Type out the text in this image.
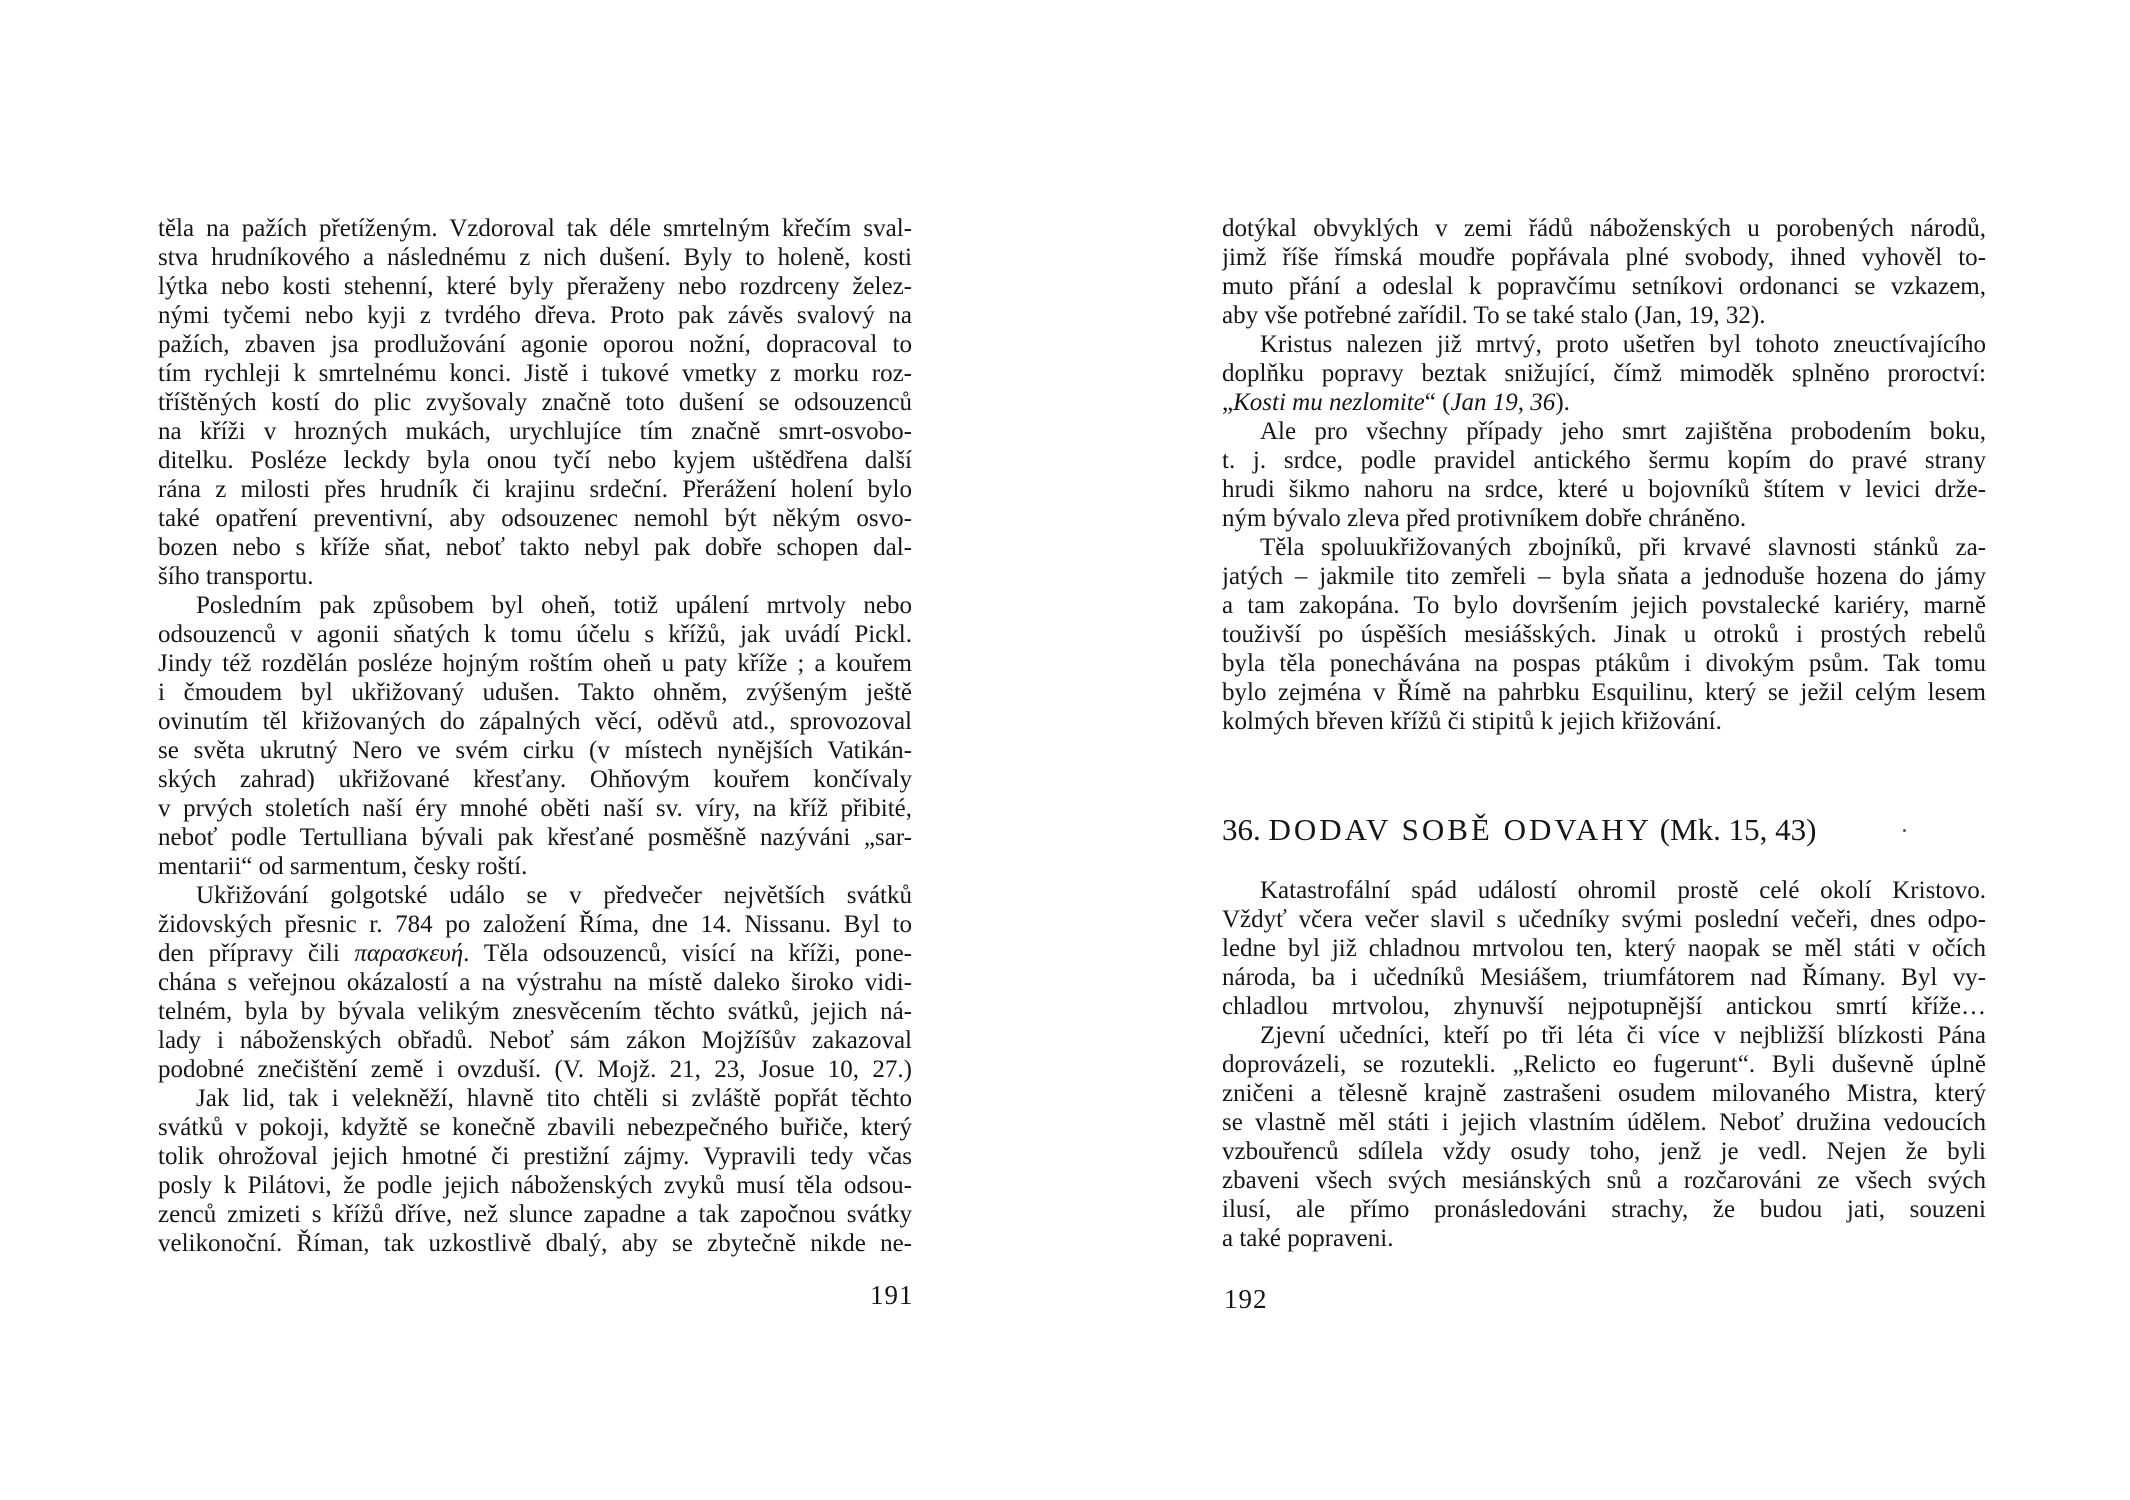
těla na pažích přetíženým. Vzdoroval tak déle smrtelným křečím sval-
stva hrudníkového a následnému z nich dušení. Byly to holeně, kosti
lýtka nebo kosti stehenní, které byly přeraženy nebo rozdrceny želez-
nými tyčemi nebo kyji z tvrdého dřeva. Proto pak závěs svalový na
pažích, zbaven jsa prodlužování agonie oporou nožní, dopracoval to
tím rychleji k smrtelnému konci. Jistě i tukové vmetky z morku roz-
tříštěných kostí do plic zvyšovaly značně toto dušení se odsouzenců
na kříži v hrozných mukách, urychlujíce tím značně smrt-osvobo-
ditelku. Posléze leckdy byla onou tyčí nebo kyjem uštědřena další
rána z milosti přes hrudník či krajinu srdeční. Přerážení holení bylo
také opatření preventivní, aby odsouzenec nemohl být někým osvo-
bozen nebo s kříže sňat, neboť takto nebyl pak dobře schopen dal-
šího transportu.
Posledním pak způsobem byl oheň, totiž upálení mrtvoly nebo
odsouzenců v agonii sňatých k tomu účelu s křížů, jak uvádí Pickl.
Jindy též rozdělán posléze hojným roštím oheň u paty kříže ; a kouřem
i čmoudem byl ukřižovaný udušen. Takto ohněm, zvýšeným ještě
ovinutím těl křižovaných do zápalných věcí, oděvů atd., sprovozoval
se světa ukrutný Nero ve svém cirku (v místech nynějších Vatikán-
ských zahrad) ukřižované křesťany. Ohňovým kouřem končívaly
v prvých stoletích naší éry mnohé oběti naší sv. víry, na kříž přibité,
neboť podle Tertulliana bývali pak křesťané posměšně nazýváni „sar-
mentarii“ od sarmentum, česky roští.
Ukřižování golgotské událo se v předvečer největších svátků
židovských přesnic r. 784 po založení Říma, dne 14. Nissanu. Byl to
den přípravy čili παρασκευή. Těla odsouzenců, visící na kříži, pone-
chána s veřejnou okázalostí a na výstrahu na místě daleko široko vidi-
telném, byla by bývala velikým znesvěcením těchto svátků, jejich ná-
lady i náboženských obřadů. Neboť sám zákon Mojžíšův zakazoval
podobné znečištění země i ovzduší. (V. Mojž. 21, 23, Josue 10, 27.)
Jak lid, tak i velekněží, hlavně tito chtěli si zvláště popřát těchto
svátků v pokoji, kdyžtě se konečně zbavili nebezpečného buřiče, který
tolik ohrožoval jejich hmotné či prestižní zájmy. Vypravili tedy včas
posly k Pilátovi, že podle jejich náboženských zvyků musí těla odsou-
zenců zmizeti s křížů dříve, než slunce zapadne a tak započnou svátky
velikonoční. Říman, tak uzkostlivě dbalý, aby se zbytečně nikde ne-
191
dotýkal obvyklých v zemi řádů náboženských u porobených národů,
jimž říše římská moudře popřávala plné svobody, ihned vyhověl to-
muto přání a odeslal k popravčímu setníkovi ordonanci se vzkazem,
aby vše potřebné zařídil. To se také stalo (Jan, 19, 32).
Kristus nalezen již mrtvý, proto ušetřen byl tohoto zneuctívajícího
doplňku popravy beztak snižující, čímž mimoděk splněno proroctví:
„Kosti mu nezlomite“ (Jan 19, 36).
Ale pro všechny případy jeho smrt zajištěna probodením boku,
t. j. srdce, podle pravidel antického šermu kopím do pravé strany
hrudi šikmo nahoru na srdce, které u bojovníků štítem v levici drže-
ným bývalo zleva před protivníkem dobře chráněno.
Těla spoluukřižovaných zbojníků, při krvavé slavnosti stánků za-
jatých – jakmile tito zemřeli – byla sňata a jednoduše hozena do jámy
a tam zakopána. To bylo dovršením jejich povstalecké kariéry, marně
touživší po úspěších mesiášských. Jinak u otroků i prostých rebelů
byla těla ponechávána na pospas ptákům i divokým psům. Tak tomu
bylo zejména v Římě na pahrbku Esquilinu, který se ježil celým lesem
kolmých břeven křížů či stipitů k jejich křižování.
36. DODAV SOBĚ ODVAHY (Mk. 15, 43)
Katastrofální spád událostí ohromil prostě celé okolí Kristovo.
Vždyť včera večer slavil s učedníky svými poslední večeři, dnes odpo-
ledne byl již chladnou mrtvolou ten, který naopak se měl státi v očích
národa, ba i učedníků Mesiášem, triumfátorem nad Římany. Byl vy-
chladlou mrtvolou, zhynuvší nejpotupnější antickou smrtí kříže…
Zjevní učedníci, kteří po tři léta či více v nejbližší blízkosti Pána
doprovázeli, se rozutekli. „Relicto eo fugerunt“. Byli duševně úplně
zničeni a tělesně krajně zastrašeni osudem milovaného Mistra, který
se vlastně měl státi i jejich vlastním údělem. Neboť družina vedoucích
vzbouřenců sdílela vždy osudy toho, jenž je vedl. Nejen že byli
zbaveni všech svých mesiánských snů a rozčarováni ze všech svých
ilusí, ale přímo pronásledováni strachy, že budou jati, souzeni
a také popraveni.
192
